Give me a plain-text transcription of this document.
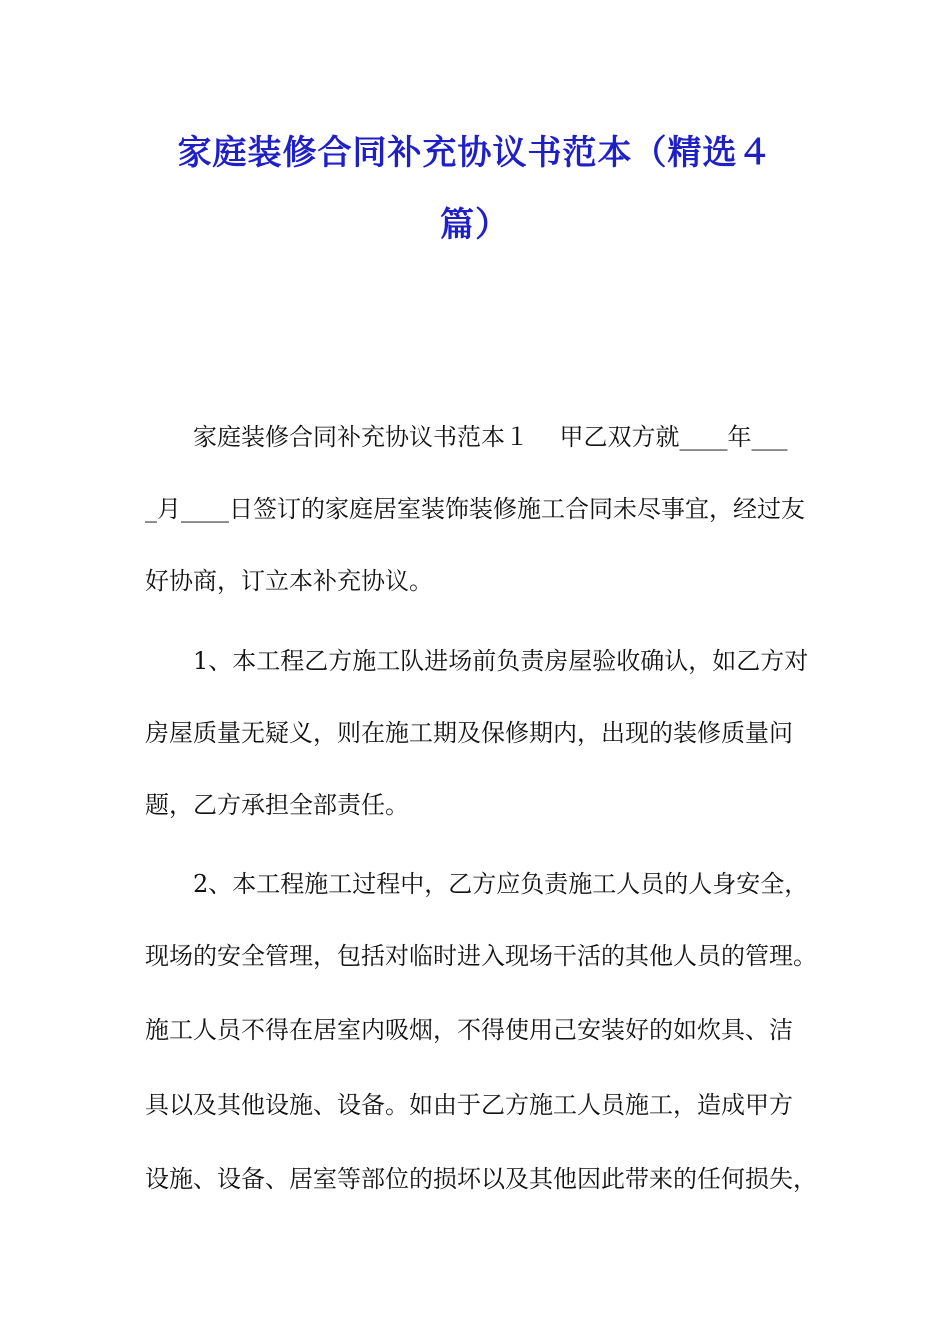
家庭装修合同补充协议书范本（精选４
篇）
家庭装修合同补充协议书范本１    甲乙双方就____年___
_月____日签订的家庭居室装饰装修施工合同未尽事宜，经过友
好协商，订立本补充协议。
1、本工程乙方施工队进场前负责房屋验收确认，如乙方对
房屋质量无疑义，则在施工期及保修期内，出现的装修质量问
题，乙方承担全部责任。
2、本工程施工过程中，乙方应负责施工人员的人身安全，
现场的安全管理，包括对临时进入现场干活的其他人员的管理。
施工人员不得在居室内吸烟，不得使用己安装好的如炊具、洁
具以及其他设施、设备。如由于乙方施工人员施工，造成甲方
设施、设备、居室等部位的损坏以及其他因此带来的任何损失，
